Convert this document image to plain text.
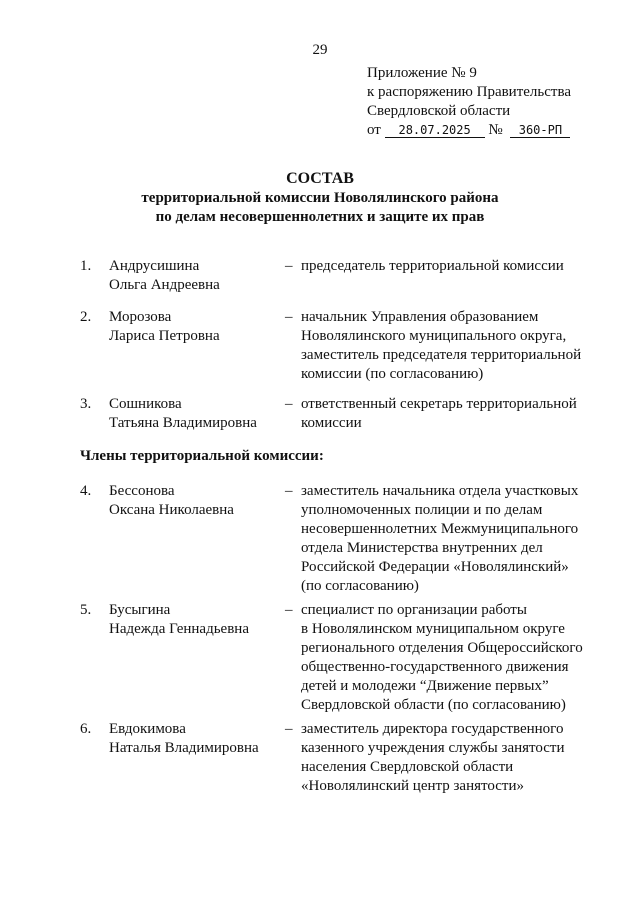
29
Приложение № 9
к распоряжению Правительства
Свердловской области
от 28.07.2025 № 360-РП
СОСТАВ
территориальной комиссии Новолялинского района
по делам несовершеннолетних и защите их прав
1. Андрусишина
Ольга Андреевна
– председатель территориальной комиссии
2. Морозова
Лариса Петровна
– начальник Управления образованием
Новолялинского муниципального округа,
заместитель председателя территориальной
комиссии (по согласованию)
3. Сошникова
Татьяна Владимировна
– ответственный секретарь территориальной
комиссии
Члены территориальной комиссии:
4. Бессонова
Оксана Николаевна
– заместитель начальника отдела участковых
уполномоченных полиции и по делам
несовершеннолетних Межмуниципального
отдела Министерства внутренних дел
Российской Федерации «Новолялинский»
(по согласованию)
5. Бусыгина
Надежда Геннадьевна
– специалист по организации работы
в Новолялинском муниципальном округе
регионального отделения Общероссийского
общественно-государственного движения
детей и молодежи “Движение первых”
Свердловской области (по согласованию)
6. Евдокимова
Наталья Владимировна
– заместитель директора государственного
казенного учреждения службы занятости
населения Свердловской области
«Новолялинский центр занятости»
